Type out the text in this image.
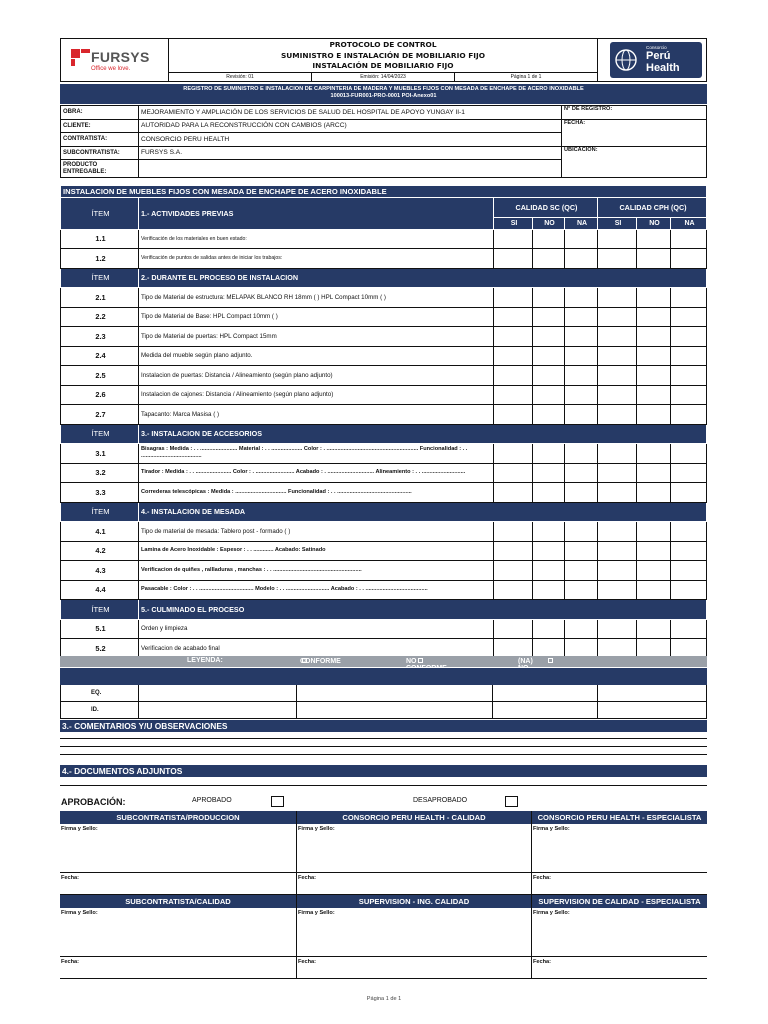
FURSYS
Office we love.
PROTOCOLO DE CONTROL
SUMINISTRO E INSTALACIÓN DE MOBILIARIO FIJO
INSTALACIÓN DE MOBILIARIO FIJO
Revisión: 01	Emisión: 14/04/2023	Página 1 de 1
Consorcio
Perú
Health
REGISTRO DE SUMINISTRO E INSTALACION DE CARPINTERIA DE MADERA Y MUEBLES FIJOS CON MESADA DE ENCHAPE DE ACERO INOXIDABLE
100013-FUR001-PRO-0001 POI-Anexo01
OBRA:	MEJORAMIENTO Y AMPLIACIÓN DE LOS SERVICIOS DE SALUD DEL HOSPITAL DE APOYO YUNGAY II-1	N° DE REGISTRO:
CLIENTE:	AUTORIDAD PARA LA RECONSTRUCCIÓN CON CAMBIOS (ARCC)	FECHA:
CONTRATISTA:	CONSORCIO PERU HEALTH	
SUBCONTRATISTA:	FURSYS S.A.	UBICACION:
PRODUCTO
ENTREGABLE:		
INSTALACION DE MUEBLES FIJOS CON MESADA DE ENCHAPE DE ACERO INOXIDABLE							
ÍTEM	1.- ACTIVIDADES PREVIAS	CALIDAD SC (QC)			CALIDAD CPH (QC)		
		SI	NO	NA	SI	NO	NA
1.1	Verificación de los materiales en buen estado:						
1.2	Verificación de puntos de salidas antes de iniciar los trabajos:						
ÍTEM	2.- DURANTE EL PROCESO DE INSTALACION						
2.1	Tipo de Material de estructura: MELAPAK BLANCO RH 18mm ( ) HPL Compact 10mm ( )						
2.2	Tipo de Material de Base: HPL Compact 10mm ( )						
2.3	Tipo de Material de puertas: HPL Compact 15mm						
2.4	Medida del mueble según plano adjunto.						
2.5	Instalacion de puertas: Distancia / Alineamiento (según plano adjunto)						
2.6	Instalacion de cajones: Distancia / Alineamiento (según plano adjunto)						
2.7	Tapacanto: Marca Masisa ( )						
ÍTEM	3.- INSTALACION DE ACCESORIOS						
3.1	Bisagras : Medida : . . ........................ Material : . . .................... Color : . ........................................................... Funcionalidad : . . .......................................						
3.2	Tirador : Medida : . . ....................... Color : . ......................... Acabado : . .............................. Alineamiento : . . ............................						
3.3	Correderas telescópicas : Medida : ................................. Funcionalidad : . . ................................................						
ÍTEM	4.- INSTALACION DE MESADA						
4.1	Tipo de material de mesada: Tablero post - formado ( )						
4.2	Lamina de Acero Inoxidable : Espesor : . . ............. Acabado: Satinado						
4.3	Verificacion de quiñes , rallladuras , manchas : . . .........................................................						
4.4	Pasacable : Color : . . ................................... Modelo : . . ............................ Acabado : . . ........................................						
ÍTEM	5.- CULMINADO EL PROCESO						
5.1	Orden y limpieza						
5.2	Verificacion de acabado final						
LEYENDA:	CONFORME	NO	(NA)

EQ.				
ID.				
3.- COMENTARIOS Y/U OBSERVACIONES
4.- DOCUMENTOS ADJUNTOS
APROBACIÓN:	APROBADO	DESAPROBADO
SUBCONTRATISTA/PRODUCCION
Firma y Sello:
Fecha:
CONSORCIO PERU HEALTH - CALIDAD
Firma y Sello:
Fecha:
CONSORCIO PERU HEALTH - ESPECIALISTA
Firma y Sello:
Fecha:
SUBCONTRATISTA/CALIDAD
Firma y Sello:
Fecha:
SUPERVISION - ING. CALIDAD
Firma y Sello:
Fecha:
SUPERVISION DE CALIDAD - ESPECIALISTA
Firma y Sello:
Fecha:
Página 1 de 1
